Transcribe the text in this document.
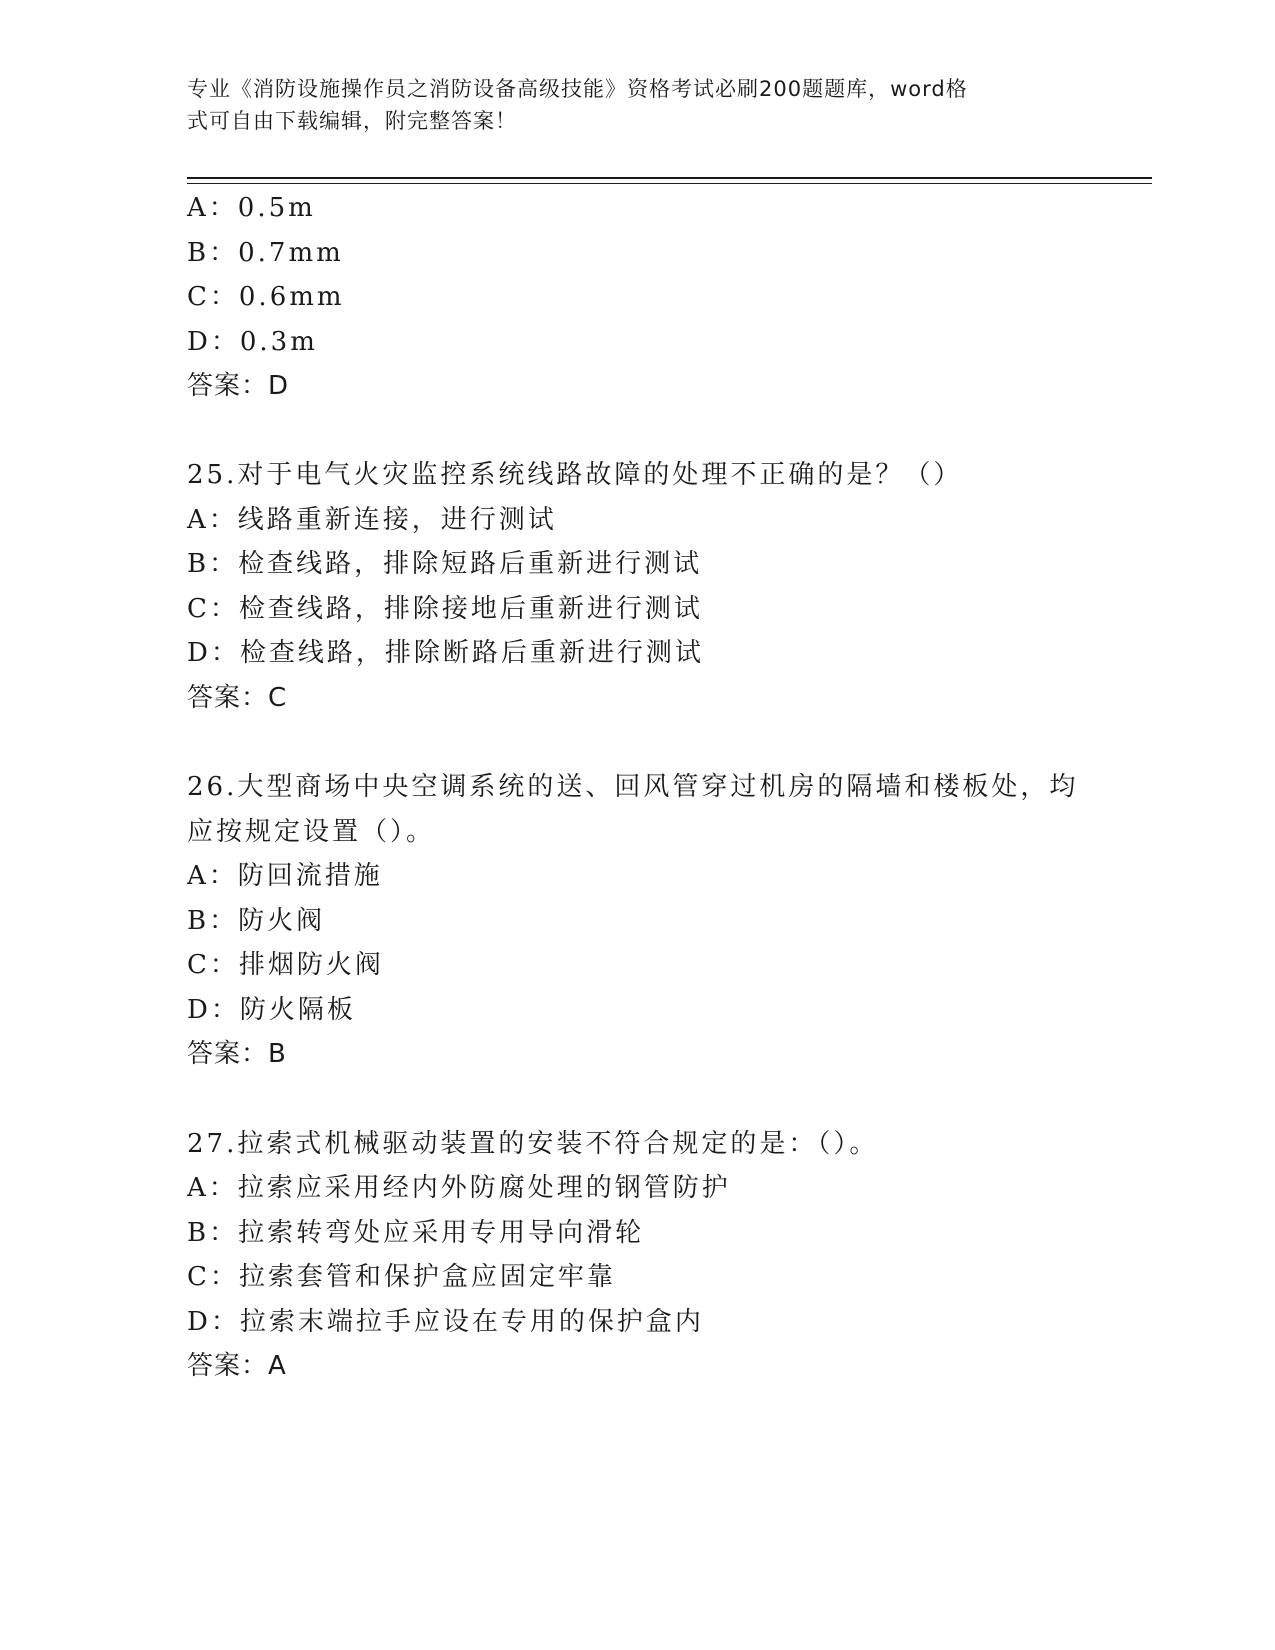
专业《消防设施操作员之消防设备高级技能》资格考试必刷200题题库，word格
式可自由下载编辑，附完整答案！
A：0.5m
B：0.7mm
C：0.6mm
D：0.3m
答案：D
25.对于电气火灾监控系统线路故障的处理不正确的是？（）
A：线路重新连接，进行测试
B：检查线路，排除短路后重新进行测试
C：检查线路，排除接地后重新进行测试
D：检查线路，排除断路后重新进行测试
答案：C
26.大型商场中央空调系统的送、回风管穿过机房的隔墙和楼板处，均
应按规定设置（）。
A：防回流措施
B：防火阀
C：排烟防火阀
D：防火隔板
答案：B
27.拉索式机械驱动装置的安装不符合规定的是：（）。
A：拉索应采用经内外防腐处理的钢管防护
B：拉索转弯处应采用专用导向滑轮
C：拉索套管和保护盒应固定牢靠
D：拉索末端拉手应设在专用的保护盒内
答案：A
